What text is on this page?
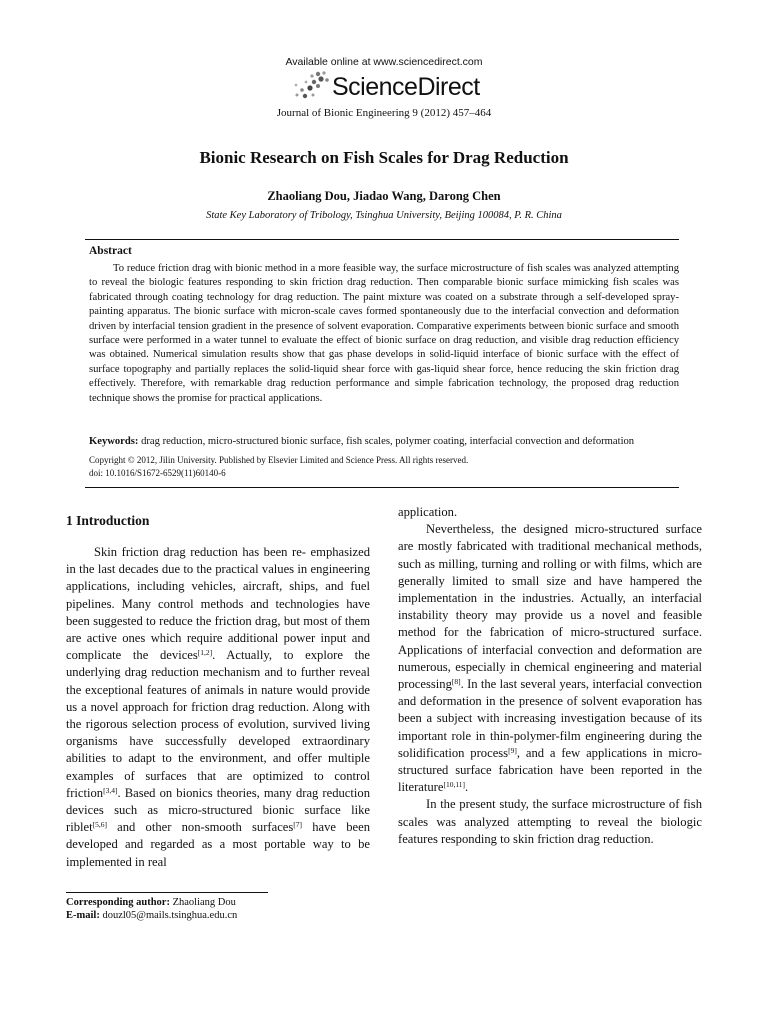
Available online at www.sciencedirect.com
ScienceDirect
Journal of Bionic Engineering 9 (2012) 457–464
Bionic Research on Fish Scales for Drag Reduction
Zhaoliang Dou, Jiadao Wang, Darong Chen
State Key Laboratory of Tribology, Tsinghua University, Beijing 100084, P. R. China
Abstract
To reduce friction drag with bionic method in a more feasible way, the surface microstructure of fish scales was analyzed attempting to reveal the biologic features responding to skin friction drag reduction. Then comparable bionic surface mimicking fish scales was fabricated through coating technology for drag reduction. The paint mixture was coated on a substrate through a self-developed spray-painting apparatus. The bionic surface with micron-scale caves formed spontaneously due to the interfacial convection and deformation driven by interfacial tension gradient in the presence of solvent evaporation. Comparative experiments between bionic surface and smooth surface were performed in a water tunnel to evaluate the effect of bionic surface on drag reduction, and visible drag reduction efficiency was obtained. Numerical simulation results show that gas phase develops in solid-liquid interface of bionic surface with the effect of surface topography and partially replaces the solid-liquid shear force with gas-liquid shear force, hence reducing the skin friction drag effectively. Therefore, with remarkable drag reduction performance and simple fabrication technology, the proposed drag reduction technique shows the promise for practical applications.
Keywords: drag reduction, micro-structured bionic surface, fish scales, polymer coating, interfacial convection and deformation
Copyright © 2012, Jilin University. Published by Elsevier Limited and Science Press. All rights reserved.
doi: 10.1016/S1672-6529(11)60140-6
1 Introduction

Skin friction drag reduction has been re- emphasized in the last decades due to the practical values in engineering applications, including vehicles, aircraft, ships, and fuel pipelines. Many control methods and technologies have been suggested to reduce the friction drag, but most of them are active ones which require additional power input and complicate the devices[1,2]. Actually, to explore the underlying drag reduction mechanism and to further reveal the exceptional features of animals in nature would provide us a novel approach for friction drag reduction. Along with the rigorous selection process of evolution, survived living organisms have successfully developed extraordinary abilities to adapt to the environment, and offer multiple examples of surfaces that are optimized to control friction[3,4]. Based on bionics theories, many drag reduction devices such as micro-structured bionic surface like riblet[5,6] and other non-smooth surfaces[7] have been developed and regarded as a most portable way to be implemented in real

application.

Nevertheless, the designed micro-structured surface are mostly fabricated with traditional mechanical methods, such as milling, turning and rolling or with films, which are generally limited to small size and have hampered the implementation in the industries. Actually, an interfacial instability theory may provide us a novel and feasible method for the fabrication of micro-structured surface. Applications of interfacial convection and deformation are numerous, especially in chemical engineering and material processing[8]. In the last several years, interfacial convection and deformation in the presence of solvent evaporation has been a subject with increasing investigation because of its important role in thin-polymer-film engineering during the solidification process[9], and a few applications in micro-structured surface fabrication have been reported in the literature[10,11].

In the present study, the surface microstructure of fish scales was analyzed attempting to reveal the biologic features responding to skin friction drag reduction.

Corresponding author: Zhaoliang Dou
E-mail: douzl05@mails.tsinghua.edu.cn
